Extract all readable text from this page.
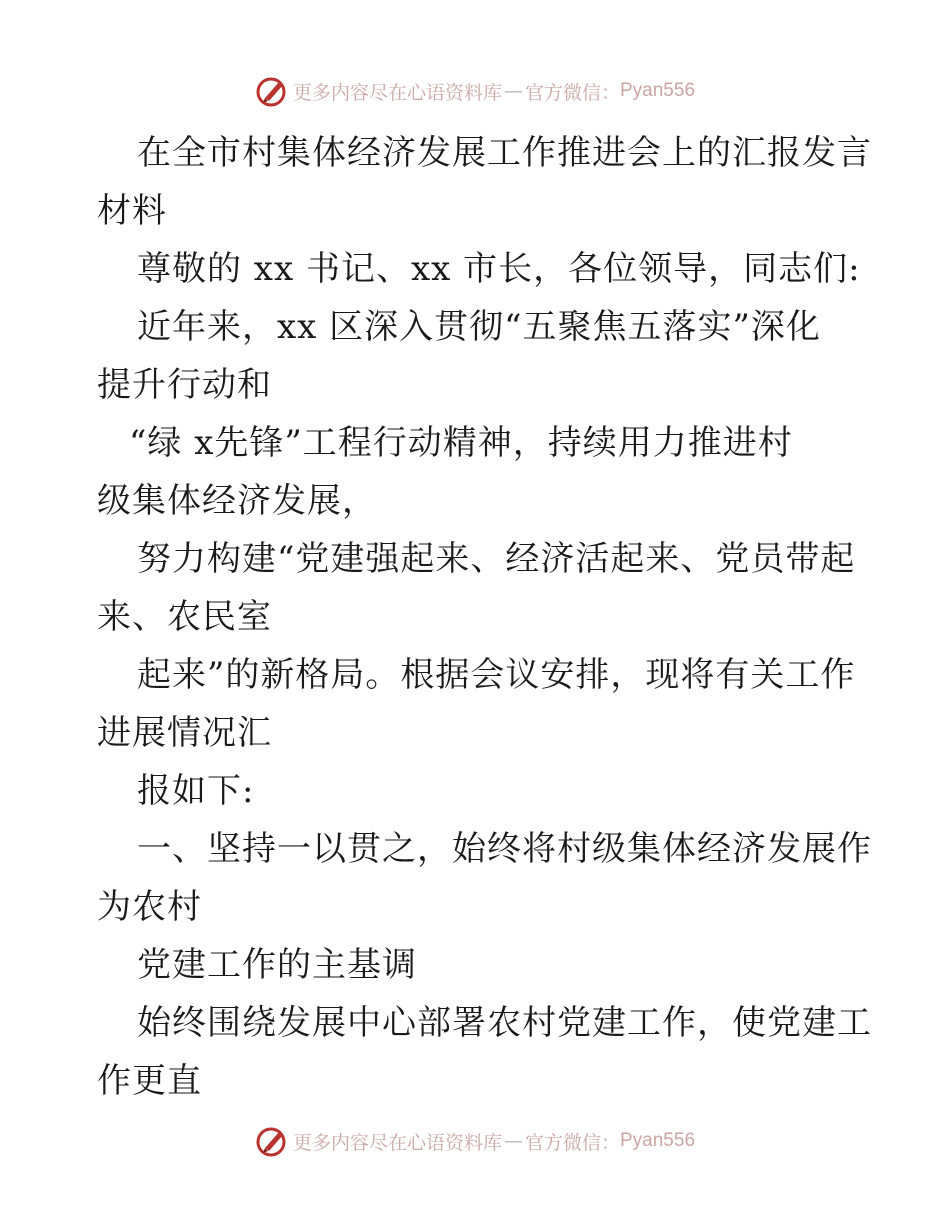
更多内容尽在心语资料库 — 官方微信： Pyan556
在全市村集体经济发展工作推进会上的汇报发言
材料
尊敬的 xx 书记、xx 市长，各位领导，同志们:
近年来，xx 区深入贯彻“五聚焦五落实”深化
提升行动和
“绿 x先锋”工程行动精神，持续用力推进村
级集体经济发展，
努力构建“党建强起来、经济活起来、党员带起
来、农民室
起来”的新格局。根据会议安排，现将有关工作
进展情况汇
报如下:
一、坚持一以贯之，始终将村级集体经济发展作
为农村
党建工作的主基调
始终围绕发展中心部署农村党建工作，使党建工
作更直
更多内容尽在心语资料库 — 官方微信： Pyan556
